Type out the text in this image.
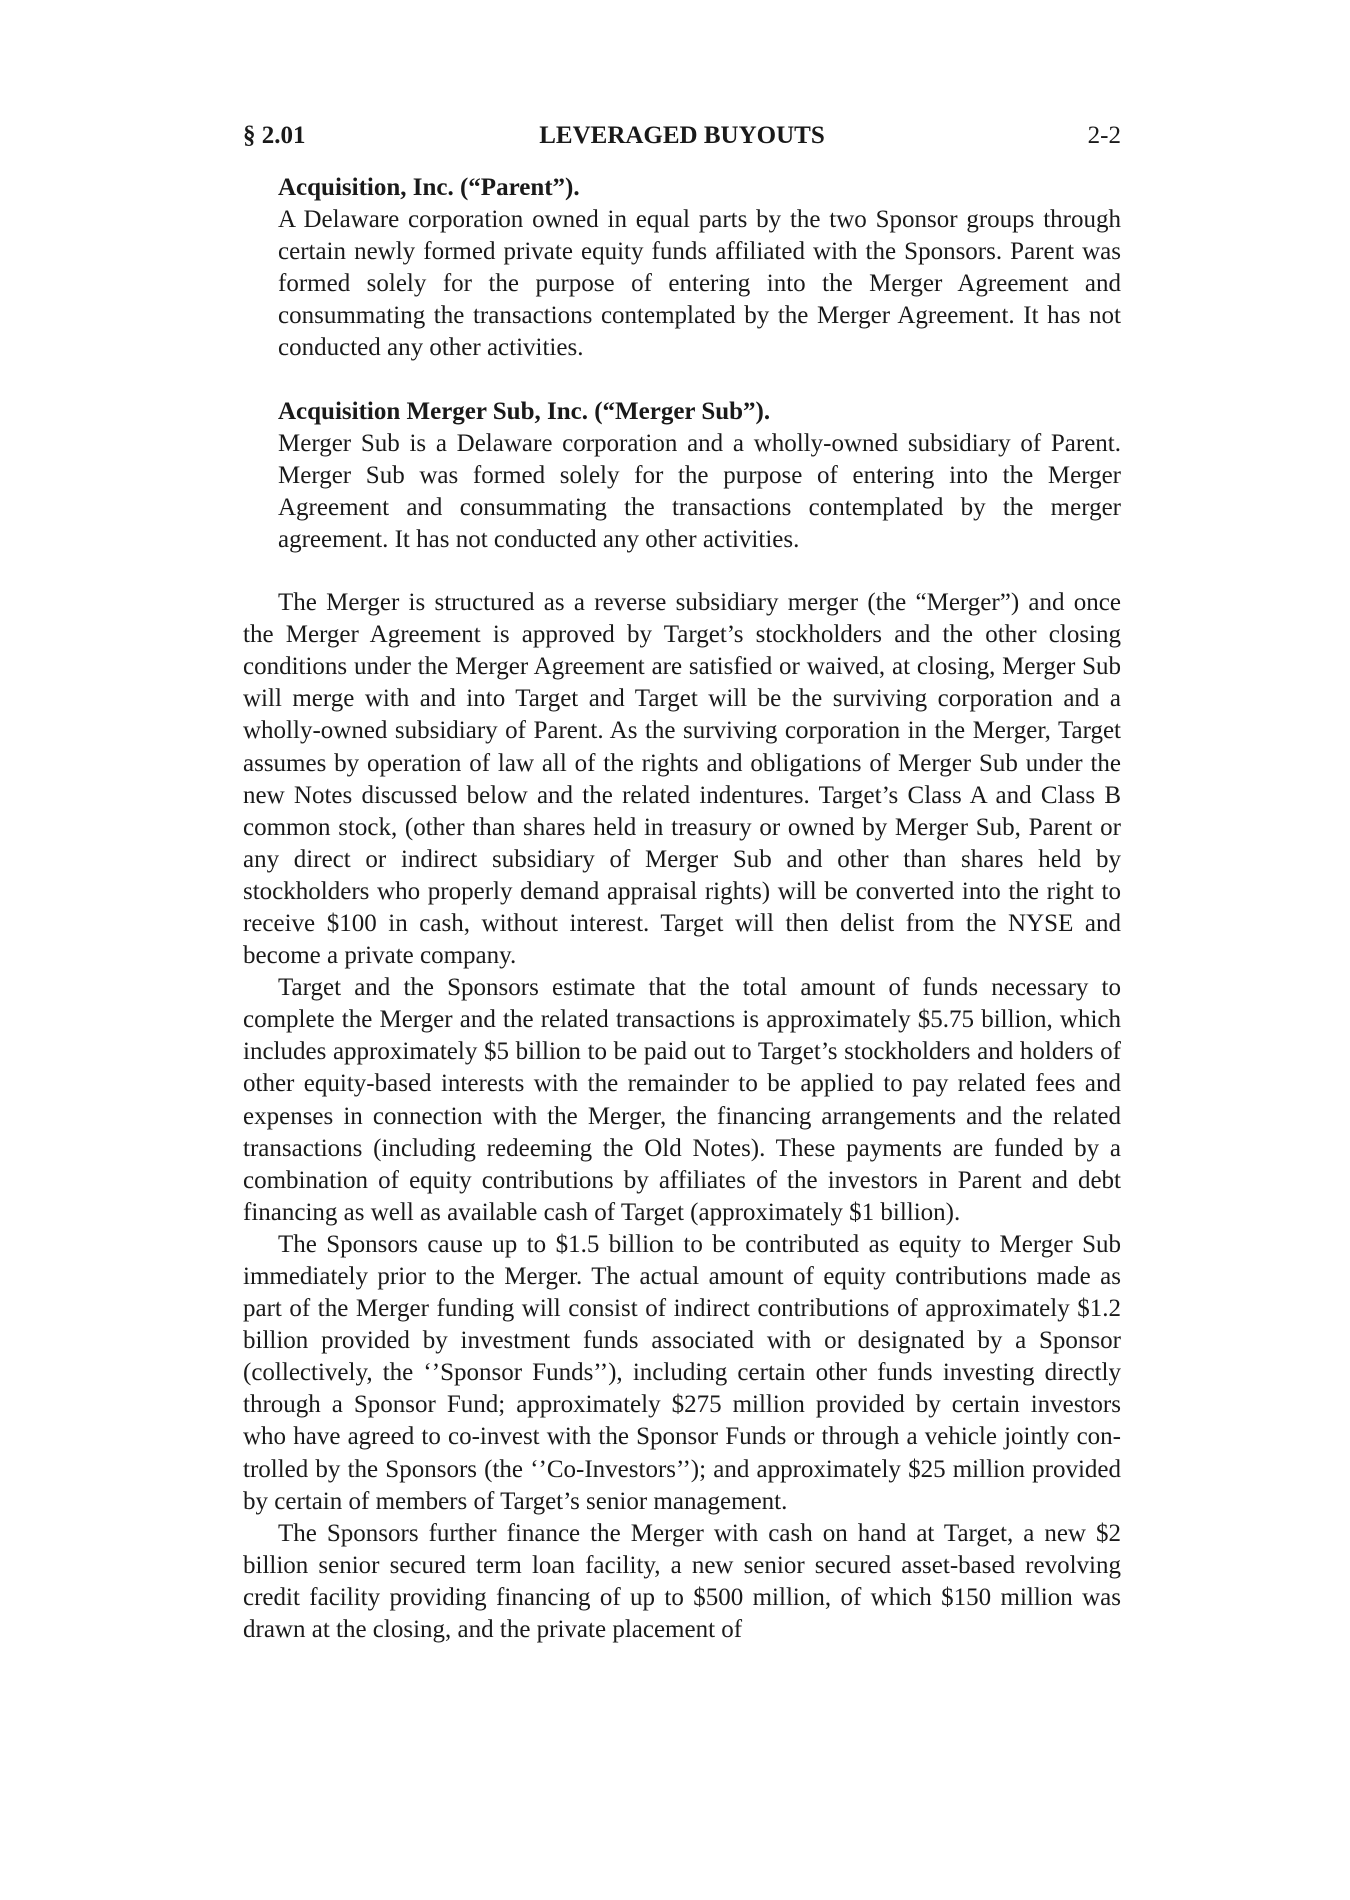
§ 2.01	LEVERAGED BUYOUTS	2-2
Acquisition, Inc. (“Parent”).
A Delaware corporation owned in equal parts by the two Sponsor groups through certain newly formed private equity funds affiliated with the Sponsors. Parent was formed solely for the purpose of entering into the Merger Agreement and consummating the transactions contemplated by the Merger Agreement. It has not conducted any other activities.
Acquisition Merger Sub, Inc. (“Merger Sub”).
Merger Sub is a Delaware corporation and a wholly-owned subsidiary of Parent. Merger Sub was formed solely for the purpose of entering into the Merger Agreement and consummating the transactions contemplated by the merger agreement. It has not conducted any other activities.

The Merger is structured as a reverse subsidiary merger (the “Merger”) and once the Merger Agreement is approved by Target’s stockholders and the other closing conditions under the Merger Agreement are satisfied or waived, at closing, Merger Sub will merge with and into Target and Target will be the surviving corporation and a wholly-owned subsidiary of Parent. As the surviving corporation in the Merger, Target assumes by operation of law all of the rights and obligations of Merger Sub under the new Notes discussed below and the related indentures. Target’s Class A and Class B common stock, (other than shares held in treasury or owned by Merger Sub, Parent or any direct or indirect subsidiary of Merger Sub and other than shares held by stockholders who properly demand appraisal rights) will be converted into the right to receive $100 in cash, without interest. Target will then delist from the NYSE and become a private company.

Target and the Sponsors estimate that the total amount of funds necessary to complete the Merger and the related transactions is approximately $5.75 billion, which includes approximately $5 billion to be paid out to Target’s stockholders and holders of other equity-based interests with the remainder to be applied to pay related fees and expenses in connection with the Merger, the financing arrangements and the related transactions (including redeeming the Old Notes). These payments are funded by a combination of equity contributions by affiliates of the investors in Parent and debt financing as well as available cash of Target (approximately $1 billion).

The Sponsors cause up to $1.5 billion to be contributed as equity to Merger Sub immediately prior to the Merger. The actual amount of equity contributions made as part of the Merger funding will consist of indirect contributions of approximately $1.2 billion provided by investment funds associated with or designated by a Sponsor (collectively, the ‘’Sponsor Funds’’), including certain other funds investing directly through a Sponsor Fund; approximately $275 million provided by certain investors who have agreed to co-invest with the Sponsor Funds or through a vehicle jointly controlled by the Sponsors (the ‘’Co-Investors’’); and approximately $25 million provided by certain of members of Target’s senior management.

The Sponsors further finance the Merger with cash on hand at Target, a new $2 billion senior secured term loan facility, a new senior secured asset-based revolving credit facility providing financing of up to $500 million, of which $150 million was drawn at the closing, and the private placement of
